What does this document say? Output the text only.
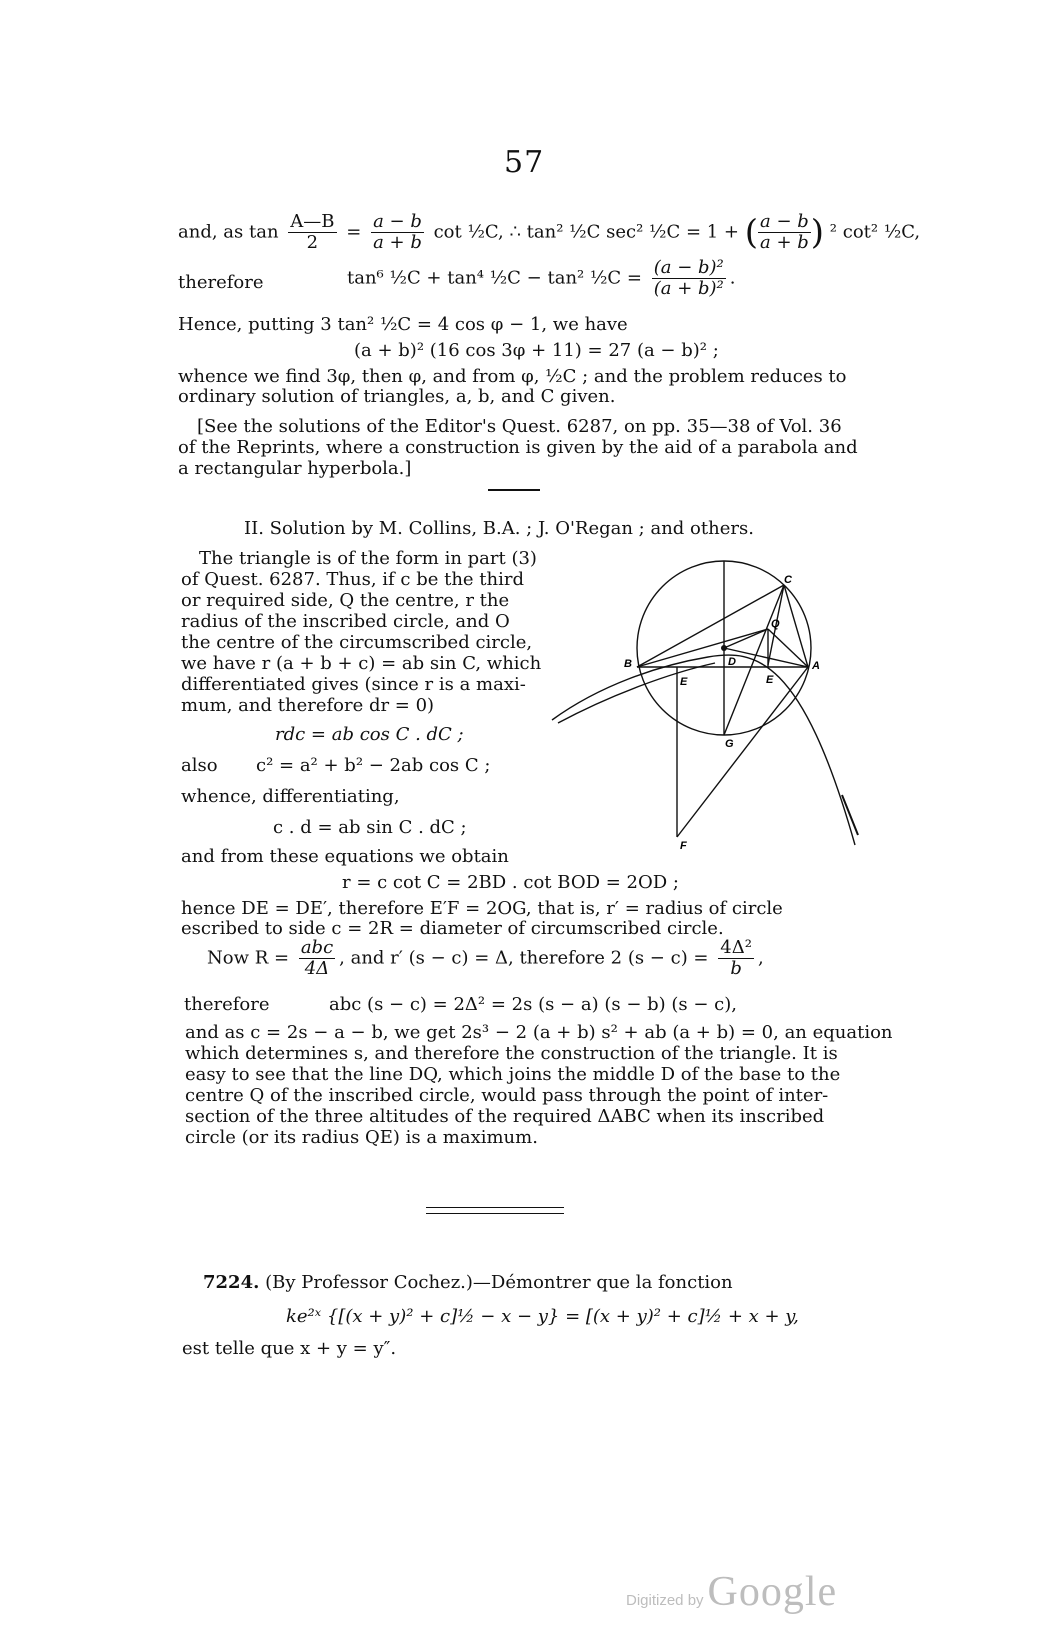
57
and, as $\tan \frac{A—B}{2} = \frac{a - b}{a + b}$ cot ½C, ∴ tan² ½C sec² ½C = 1 + ( $\frac{a - b}{a + b}$ ) ² cot² ½C,
therefore	tan⁶ ½C + tan⁴ ½C − tan² ½C = $\frac{\text{(a − b)²}}{\text{(a + b)²}}$ .
Hence, putting 3 tan² ½C = 4 cos φ − 1, we have
(a + b)² (16 cos 3φ + 11) = 27 (a − b)² ;
whence we find 3φ, then φ, and from φ, ½C ; and the problem reduces to
ordinary solution of triangles, a, b, and C given.
[See the solutions of the Editor's Quest. 6287, on pp. 35—38 of Vol. 36
of the Reprints, where a construction is given by the aid of a parabola and
a rectangular hyperbola.]
II. Solution by M. Collins, B.A. ; J. O'Regan ; and others.
The triangle is of the form in part (3)
of Quest. 6287. Thus, if c be the third
or required side, Q the centre, r the
radius of the inscribed circle, and O
the centre of the circumscribed circle,
we have r (a + b + c) = ab sin C, which
differentiated gives (since r is a maxi-
mum, and therefore dr = 0)
rdc = ab cos C . dC ;
also c² = a² + b² − 2ab cos C ;
whence, differentiating,
c . d = ab sin C . dC ;
and from these equations we obtain
r = c cot C = 2BD . cot BOD = 2OD ;
hence DE = DE′, therefore E′F = 2OG, that is, r′ = radius of circle
escribed to side c = 2R = diameter of circumscribed circle.
Now $R = \frac{\text{abc}}{4\Delta}$ , and r′ (s − c) = Δ, therefore 2 $(s - c) = \frac{\text{4Δ²}}{b}$ ,
therefore	abc (s − c) = 2Δ² = 2s (s − a) (s − b) (s − c),
and as c = 2s − a − b, we get 2s³ − 2 (a + b) s² + ab (a + b) = 0, an equation
which determines s, and therefore the construction of the triangle. It is
easy to see that the line DQ, which joins the middle D of the base to the
centre Q of the inscribed circle, would pass through the point of inter-
section of the three altitudes of the required ΔABC when its inscribed
circle (or its radius QE) is a maximum.
C
Q
B	D	A
E	E
G
F
7224. (By Professor Cochez.)—Démontrer que la fonction
ke²ˣ {[(x + y)² + c]½ − x − y} = [(x + y)² + c]½ + x + y,
est telle que x + y = y″.
Digitized byGoogle
